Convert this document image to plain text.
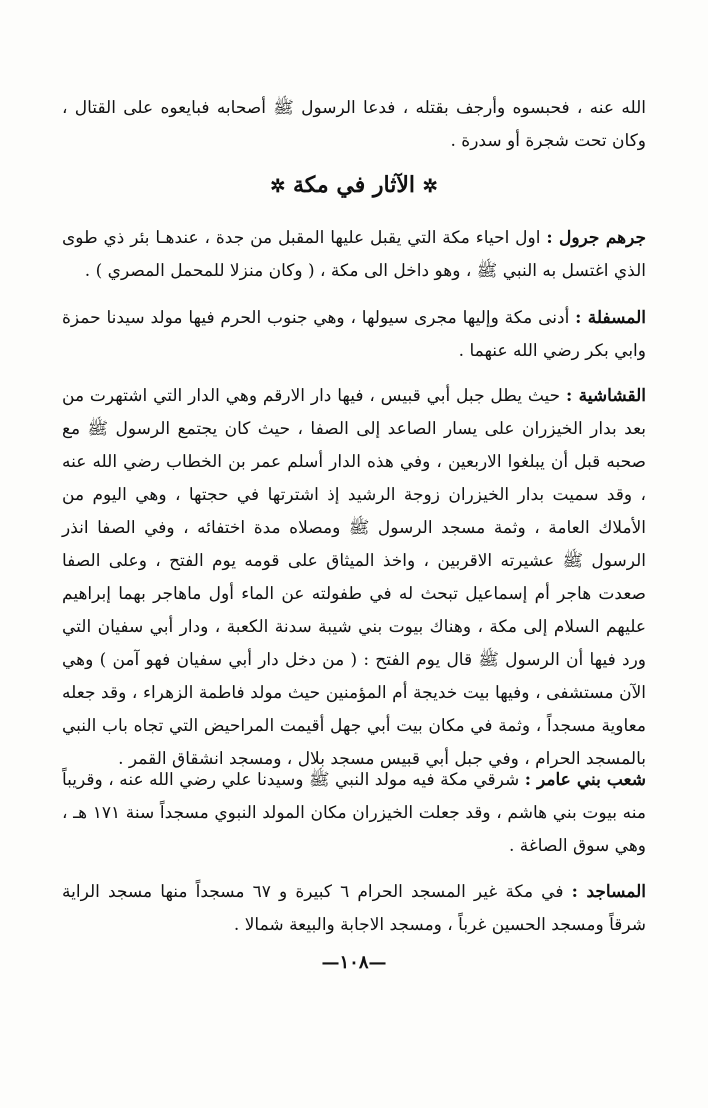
الله عنه ، فحبسوه وأرجف بقتله ، فدعا الرسول ﷺ أصحابه فبايعوه على القتال ، وكان تحت شجرة أو سدرة .

✲ الآثار في مكة ✲

جرهم جرول : اول احياء مكة التي يقبل عليها المقبل من جدة ، عندهـا بئر ذي طوى الذي اغتسل به النبي ﷺ ، وهو داخل الى مكة ، ( وكان منزلا للمحمل المصري ) .

المسفلة : أدنى مكة وإليها مجرى سيولها ، وهي جنوب الحرم فيها مولد سيدنا حمزة وابي بكر رضي الله عنهما .

القشاشية : حيث يطل جبل أبي قبيس ، فيها دار الارقم وهي الدار التي اشتهرت من بعد بدار الخيزران على يسار الصاعد إلى الصفا ، حيث كان يجتمع الرسول ﷺ مع صحبه قبل أن يبلغوا الاربعين ، وفي هذه الدار أسلم عمر بن الخطاب رضي الله عنه ، وقد سميت بدار الخيزران زوجة الرشيد إذ اشترتها في حجتها ، وهي اليوم من الأملاك العامة ، وثمة مسجد الرسول ﷺ ومصلاه مدة اختفائه ، وفي الصفا انذر الرسول ﷺ عشيرته الاقربين ، واخذ الميثاق على قومه يوم الفتح ، وعلى الصفا صعدت هاجر أم إسماعيل تبحث له في طفولته عن الماء أول ماهاجر بهما إبراهيم عليهم السلام إلى مكة ، وهناك بيوت بني شيبة سدنة الكعبة ، ودار أبي سفيان التي ورد فيها أن الرسول ﷺ قال يوم الفتح : ( من دخل دار أبي سفيان فهو آمن ) وهي الآن مستشفى ، وفيها بيت خديجة أم المؤمنين حيث مولد فاطمة الزهراء ، وقد جعله معاوية مسجداً ، وثمة في مكان بيت أبي جهل أقيمت المراحيض التي تجاه باب النبي بالمسجد الحرام ، وفي جبل أبي قبيس مسجد بلال ، ومسجد انشقاق القمر .

شعب بني عامر : شرقي مكة فيه مولد النبي ﷺ وسيدنا علي رضي الله عنه ، وقريباً منه بيوت بني هاشم ، وقد جعلت الخيزران مكان المولد النبوي مسجداً سنة ١٧١ هـ ، وهي سوق الصاغة .

المساجد : في مكة غير المسجد الحرام ٦ كبيرة و ٦٧ مسجداً منها مسجد الراية شرقاً ومسجد الحسين غرباً ، ومسجد الاجابة والبيعة شمالا .

—١٠٨—
